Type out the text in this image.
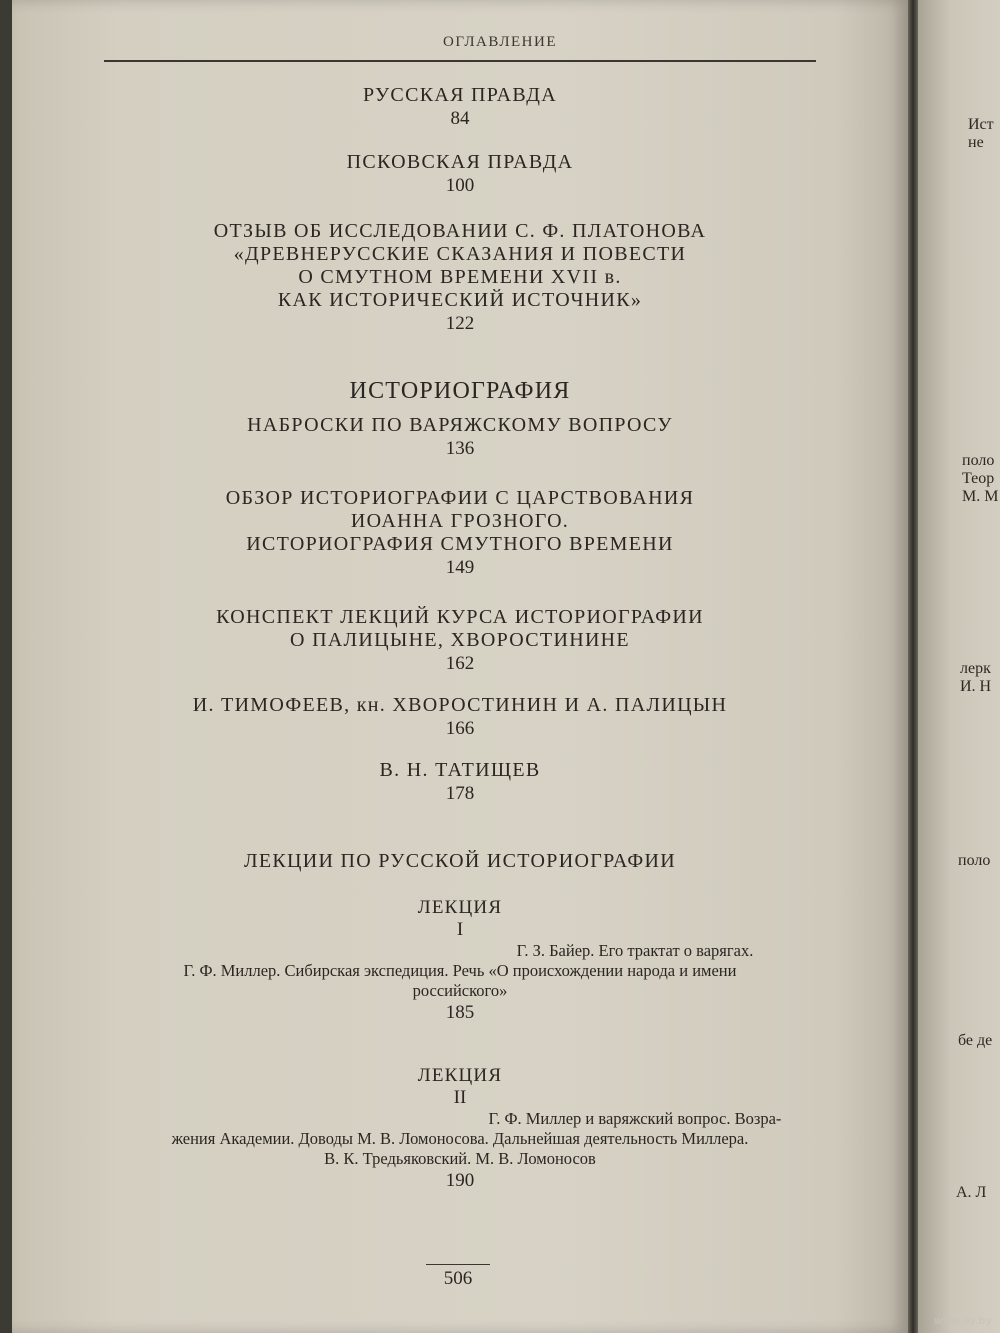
ОГЛАВЛЕНИЕ
РУССКАЯ ПРАВДА
84
ПСКОВСКАЯ ПРАВДА
100
ОТЗЫВ ОБ ИССЛЕДОВАНИИ С. Ф. ПЛАТОНОВА
«ДРЕВНЕРУССКИЕ СКАЗАНИЯ И ПОВЕСТИ
О СМУТНОМ ВРЕМЕНИ XVII в.
КАК ИСТОРИЧЕСКИЙ ИСТОЧНИК»
122
ИСТОРИОГРАФИЯ
НАБРОСКИ ПО ВАРЯЖСКОМУ ВОПРОСУ
136
ОБЗОР ИСТОРИОГРАФИИ С ЦАРСТВОВАНИЯ
ИОАННА ГРОЗНОГО.
ИСТОРИОГРАФИЯ СМУТНОГО ВРЕМЕНИ
149
КОНСПЕКТ ЛЕКЦИЙ КУРСА ИСТОРИОГРАФИИ
О ПАЛИЦЫНЕ, ХВОРОСТИНИНЕ
162
И. ТИМОФЕЕВ, кн. ХВОРОСТИНИН И А. ПАЛИЦЫН
166
В. Н. ТАТИЩЕВ
178
ЛЕКЦИИ ПО РУССКОЙ ИСТОРИОГРАФИИ
ЛЕКЦИЯ
I
Г. З. Байер. Его трактат о варягах.
Г. Ф. Миллер. Сибирская экспедиция. Речь «О происхождении народа и имени
российского»
185
ЛЕКЦИЯ
II
Г. Ф. Миллер и варяжский вопрос. Возра-
жения Академии. Доводы М. В. Ломоносова. Дальнейшая деятельность Миллера.
В. К. Тредьяковский. М. В. Ломоносов
190
506
Ист
не
поло
Теор
М. М
лерк
И. Н
поло
бе де
А. Л
www.ay.by
